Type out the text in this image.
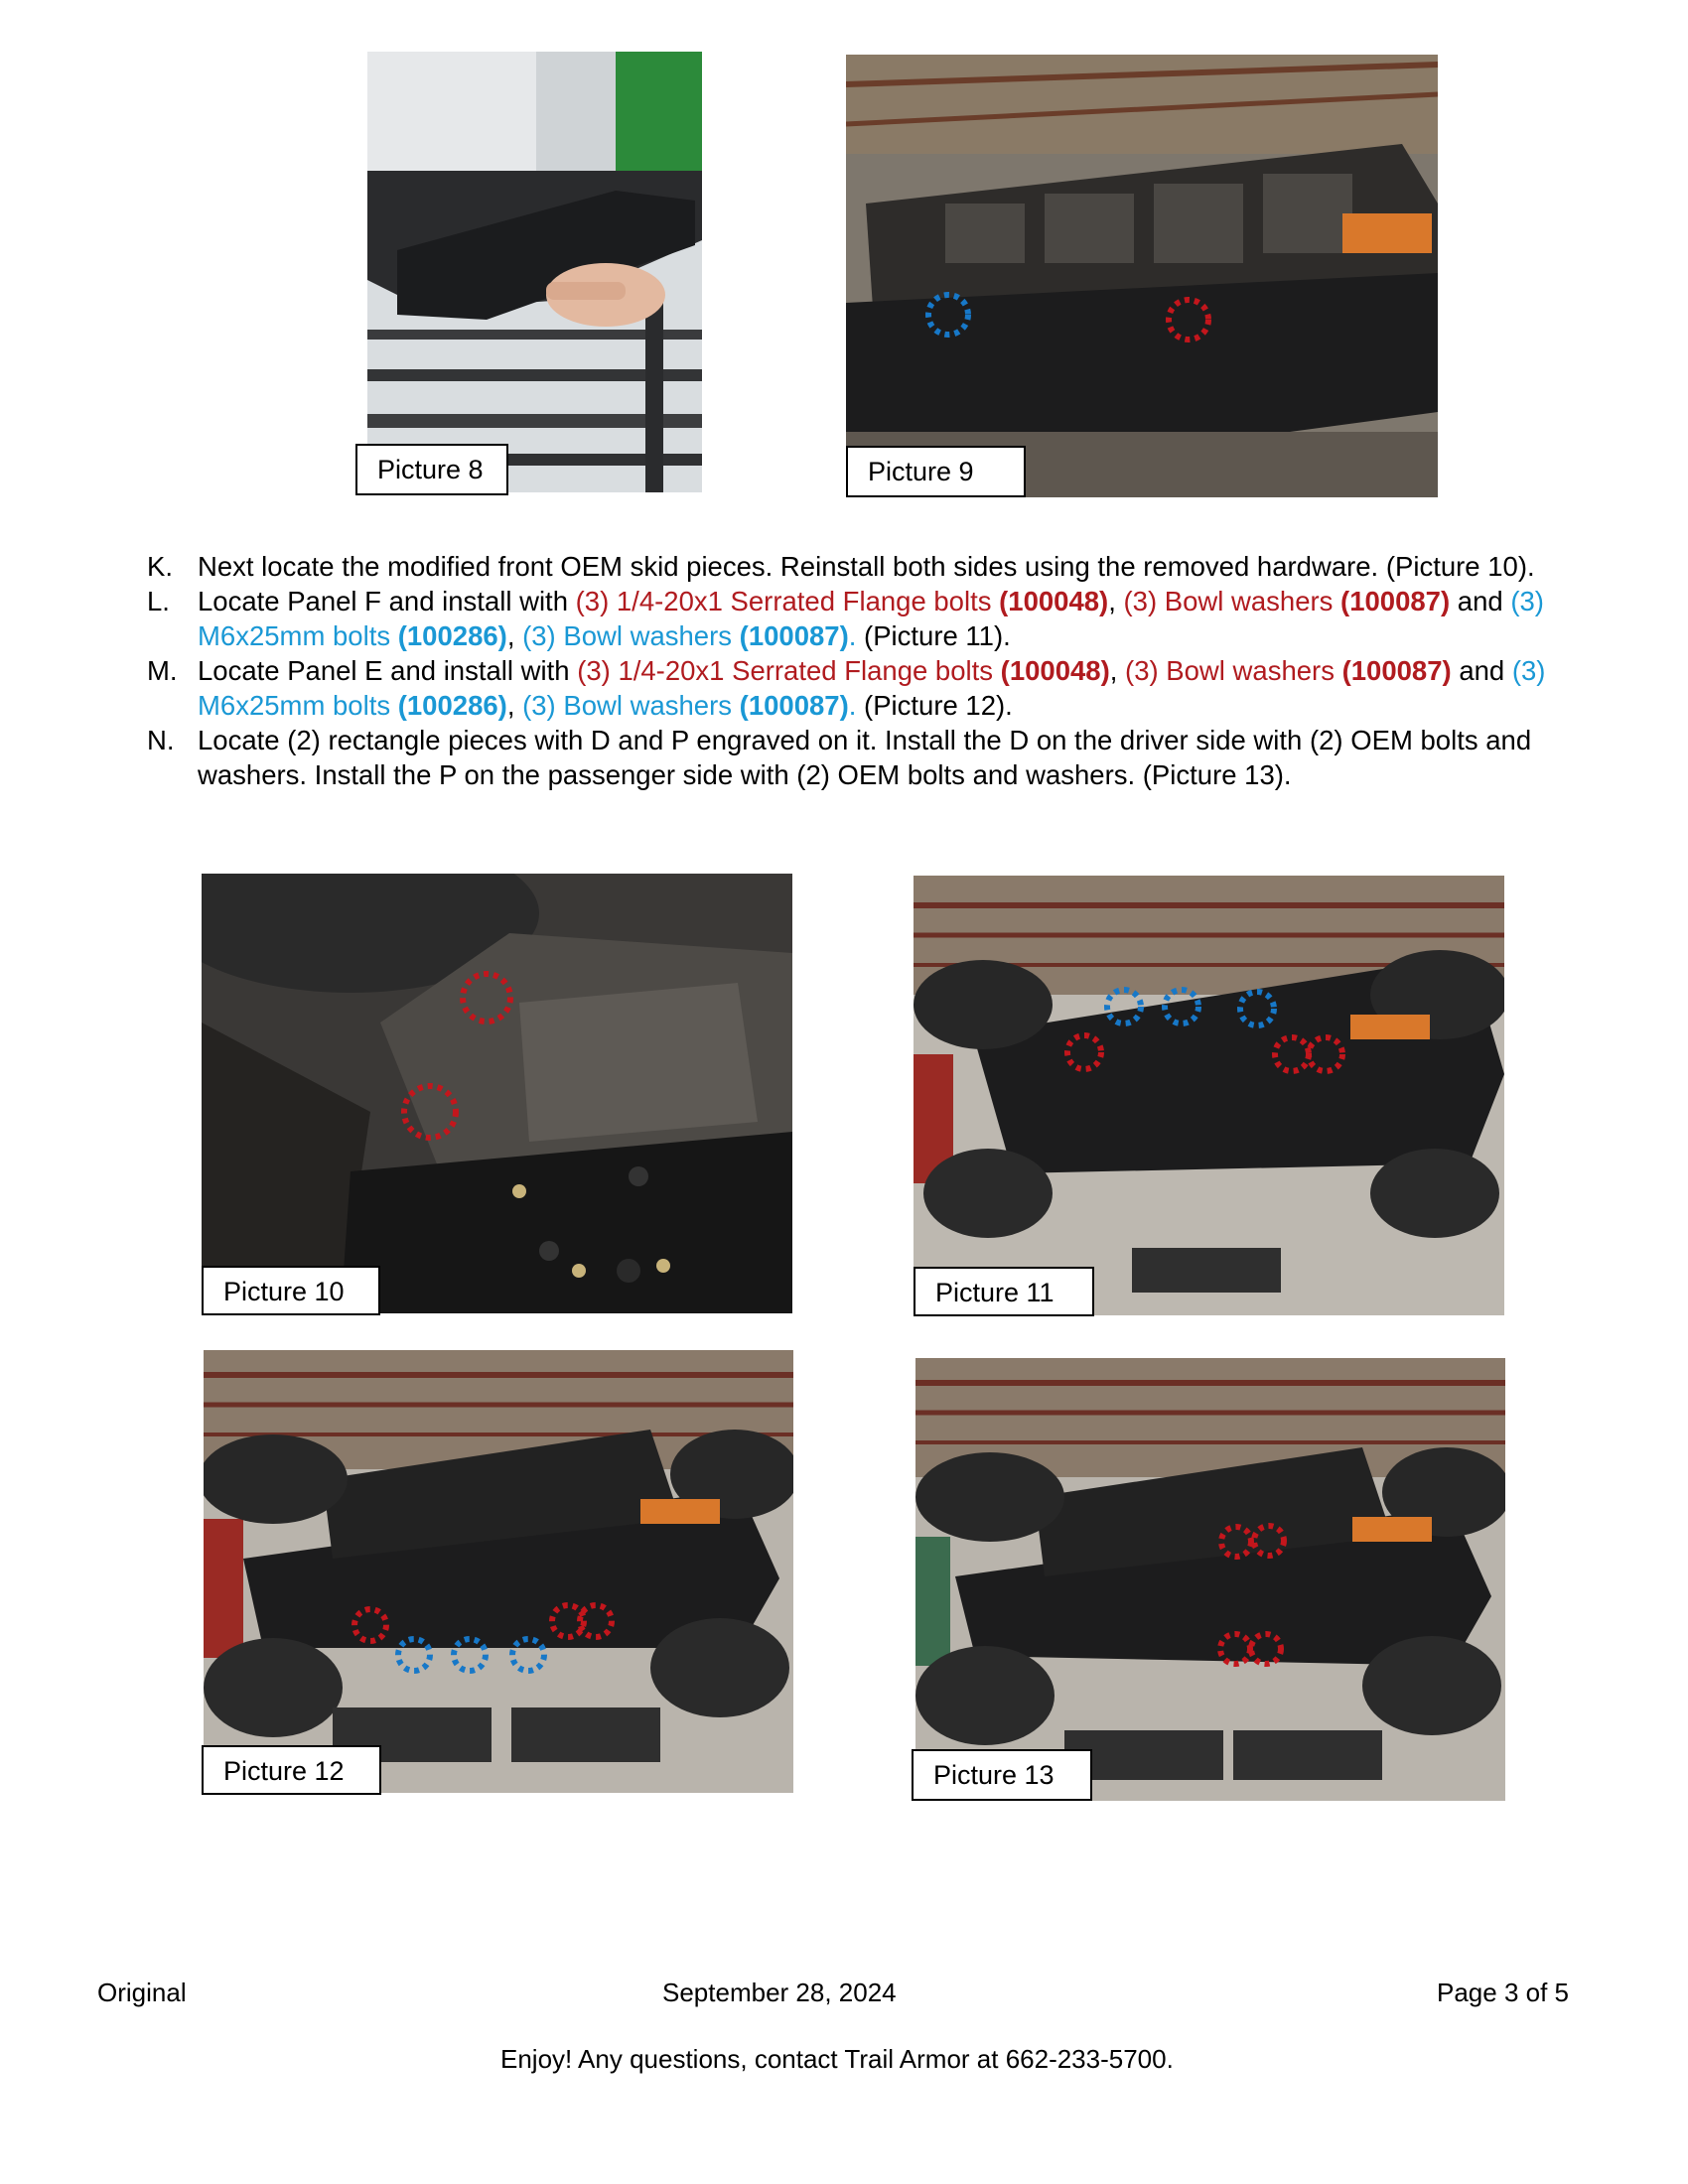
Picture 8	Picture 9
K. Next locate the modified front OEM skid pieces. Reinstall both sides using the removed hardware. (Picture 10).
L. Locate Panel F and install with (3) 1/4-20x1 Serrated Flange bolts (100048), (3) Bowl washers (100087) and (3) M6x25mm bolts (100286), (3) Bowl washers (100087). (Picture 11).
M. Locate Panel E and install with (3) 1/4-20x1 Serrated Flange bolts (100048), (3) Bowl washers (100087) and (3) M6x25mm bolts (100286), (3) Bowl washers (100087). (Picture 12).
N. Locate (2) rectangle pieces with D and P engraved on it. Install the D on the driver side with (2) OEM bolts and washers. Install the P on the passenger side with (2) OEM bolts and washers. (Picture 13).
Picture 10	Picture 11
Picture 12	Picture 13
Original	September 28, 2024	Page 3 of 5
Enjoy! Any questions, contact Trail Armor at 662-233-5700.
